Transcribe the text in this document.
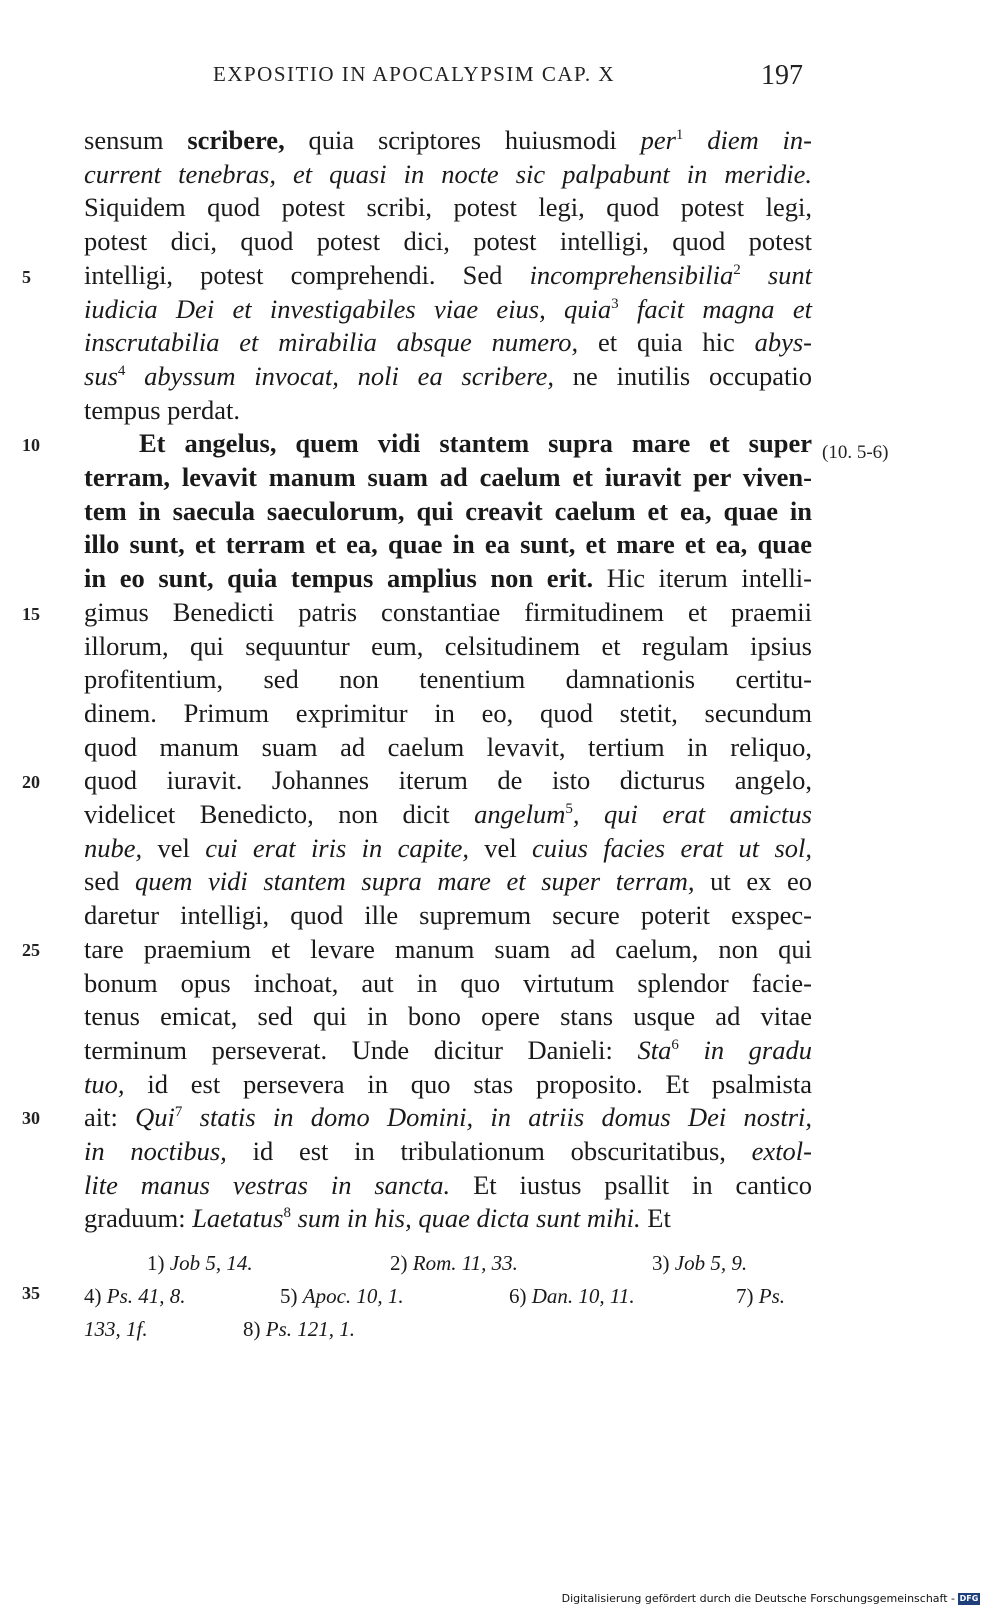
EXPOSITIO IN APOCALYPSIM CAP. X	197
sensum scribere, quia scriptores huiusmodi per$^1$ diem in-
current tenebras, et quasi in nocte sic palpabunt in meridie.
Siquidem quod potest scribi, potest legi, quod potest legi,
potest dici, quod potest dici, potest intelligi, quod potest
intelligi, potest comprehendi. Sed incomprehensibilia$^2$ sunt
iudicia Dei et investigabiles viae eius, quia$^3$ facit magna et
inscrutabilia et mirabilia absque numero, et quia hic abys-
sus$^4$ abyssum invocat, noli ea scribere, ne inutilis occupatio
tempus perdat.
Et angelus, quem vidi stantem supra mare et super
terram, levavit manum suam ad caelum et iuravit per viven-
tem in saecula saeculorum, qui creavit caelum et ea, quae in
illo sunt, et terram et ea, quae in ea sunt, et mare et ea, quae
in eo sunt, quia tempus amplius non erit. Hic iterum intelli-
gimus Benedicti patris constantiae firmitudinem et praemii
illorum, qui sequuntur eum, celsitudinem et regulam ipsius
profitentium, sed non tenentium damnationis certitu-
dinem. Primum exprimitur in eo, quod stetit, secundum
quod manum suam ad caelum levavit, tertium in reliquo,
quod iuravit. Johannes iterum de isto dicturus angelo,
videlicet Benedicto, non dicit angelum$^5$, qui erat amictus
nube, vel cui erat iris in capite, vel cuius facies erat ut sol,
sed quem vidi stantem supra mare et super terram, ut ex eo
daretur intelligi, quod ille supremum secure poterit exspec-
tare praemium et levare manum suam ad caelum, non qui
bonum opus inchoat, aut in quo virtutum splendor facie-
tenus emicat, sed qui in bono opere stans usque ad vitae
terminum perseverat. Unde dicitur Danieli: Sta$^6$ in gradu
tuo, id est persevera in quo stas proposito. Et psalmista
ait: Qui$^7$ statis in domo Domini, in atriis domus Dei nostri,
in noctibus, id est in tribulationum obscuritatibus, extol-
lite manus vestras in sancta. Et iustus psallit in cantico
graduum: Laetatus$^8$ sum in his, quae dicta sunt mihi. Et
5
10
15
20
25
30
35
(10. 5-6)
1) Job 5, 14.	2) Rom. 11, 33.	3) Job 5, 9.
4) Ps. 41, 8.	5) Apoc. 10, 1.	6) Dan. 10, 11.	7) Ps.
133, 1f.	8) Ps. 121, 1.
Digitalisierung gefördert durch die Deutsche Forschungsgemeinschaft - DFG
